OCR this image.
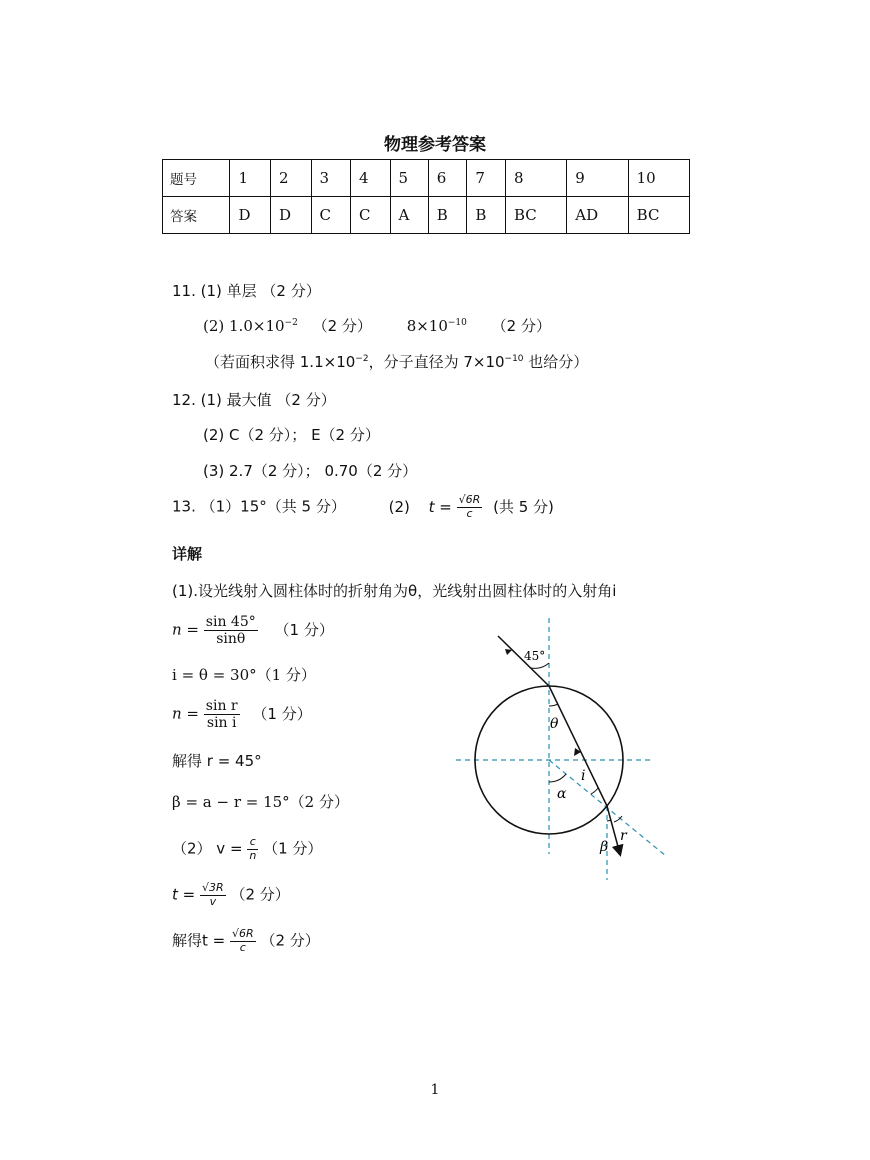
物理参考答案
题号	1	2	3	4	5	6	7	8	9	10
答案	D	D	C	C	A	B	B	BC	AD	BC
11. (1) 单层 （2 分）
(2) $1.0\times 10^{-2}$ （2 分） $8\times 10^{-10}$ （2 分）
（若面积求得 $1.1\times 10^{-2}$，分子直径为 $7\times 10^{-10}$ 也给分）
12. (1) 最大值 （2 分）
(2) C（2 分）； E（2 分）
(3) 2.7（2 分）； 0.70（2 分）
13. （1）15°（共 5 分）	(2) $t = \frac{√6R}{c}$ (共 5 分)
详解
(1).设光线射入圆柱体时的折射角为θ，光线射出圆柱体时的入射角i
$n = \frac{\sin 45^\circ}{\sin\theta} (1$ 分）
i = θ = 30°（1 分）
$n = \frac{\text{sin r}}{\text{sin i}} (1$ 分）
解得 r = 45°
β = a − r = 15°（2 分）
（2） $v = \frac{c}{n} (1$ 分）
$t = \frac{√3R}{v} (2$ 分）
解得$t = \frac{√6R}{c} (2$ 分）
45°
θ
i
α
β
r
1
